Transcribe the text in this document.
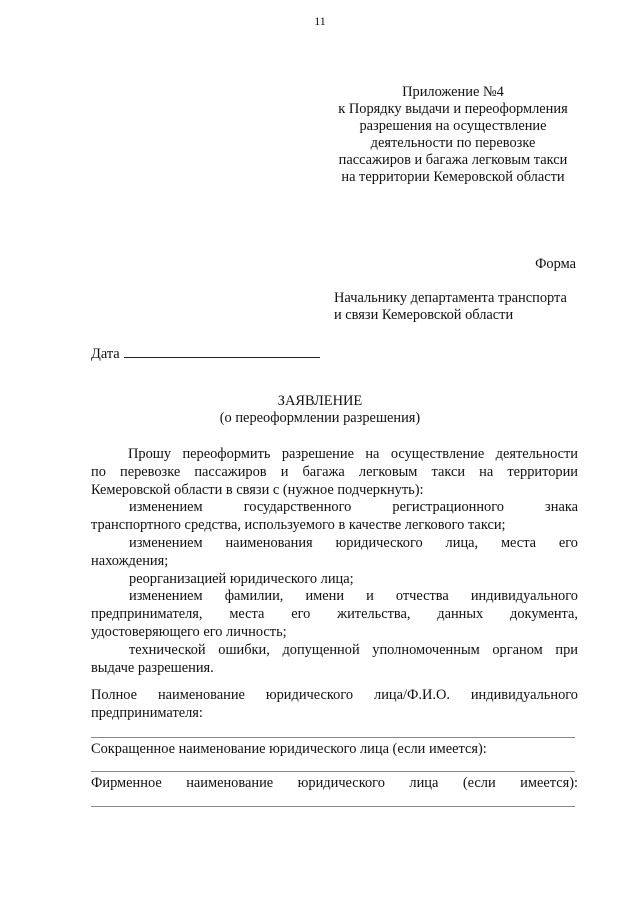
11
Приложение №4
к Порядку выдачи и переоформления
разрешения на осуществление
деятельности по перевозке
пассажиров и багажа легковым такси
на территории Кемеровской области
Форма
Начальнику департамента транспорта
и связи Кемеровской области
Дата
ЗАЯВЛЕНИЕ
(о переоформлении разрешения)
Прошу переоформить разрешение на осуществление деятельности
по перевозке пассажиров и багажа легковым такси на территории
Кемеровской области в связи с (нужное подчеркнуть):
изменением государственного регистрационного знака
транспортного средства, используемого в качестве легкового такси;
изменением наименования юридического лица, места его
нахождения;
реорганизацией юридического лица;
изменением фамилии, имени и отчества индивидуального
предпринимателя, места его жительства, данных документа,
удостоверяющего его личность;
технической ошибки, допущенной уполномоченным органом при
выдаче разрешения.
Полное наименование юридического лица/Ф.И.О. индивидуального
предпринимателя:
Сокращенное наименование юридического лица (если имеется):
Фирменное наименование юридического лица (если имеется):
